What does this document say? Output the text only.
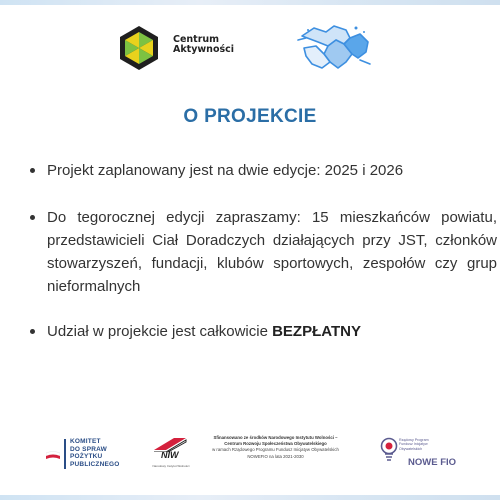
Centrum
Aktywności
O PROJEKCIE
Projekt zaplanowany jest na dwie edycje: 2025 i 2026
Do tegorocznej edycji zapraszamy: 15 mieszkańców powiatu, przedstawicieli Ciał Doradczych działających przy JST, członków stowarzyszeń, fundacji, klubów sportowych, zespołów czy grup nieformalnych
Udział w projekcie jest całkowicie BEZPŁATNY
KOMITET
DO SPRAW
POŻYTKU
PUBLICZNEGO
NIW
Narodowy Instytut Wolności
Sfinansowano ze środków Narodowego Instytutu Wolności –
Centrum Rozwoju Społeczeństwa Obywatelskiego
w ramach Rządowego Programu Fundusz Inicjatyw Obywatelskich
NOWEFIO na lata 2021-2030
Rządowy Program
Fundusz Inicjatyw
Obywatelskich
NOWE FIO
